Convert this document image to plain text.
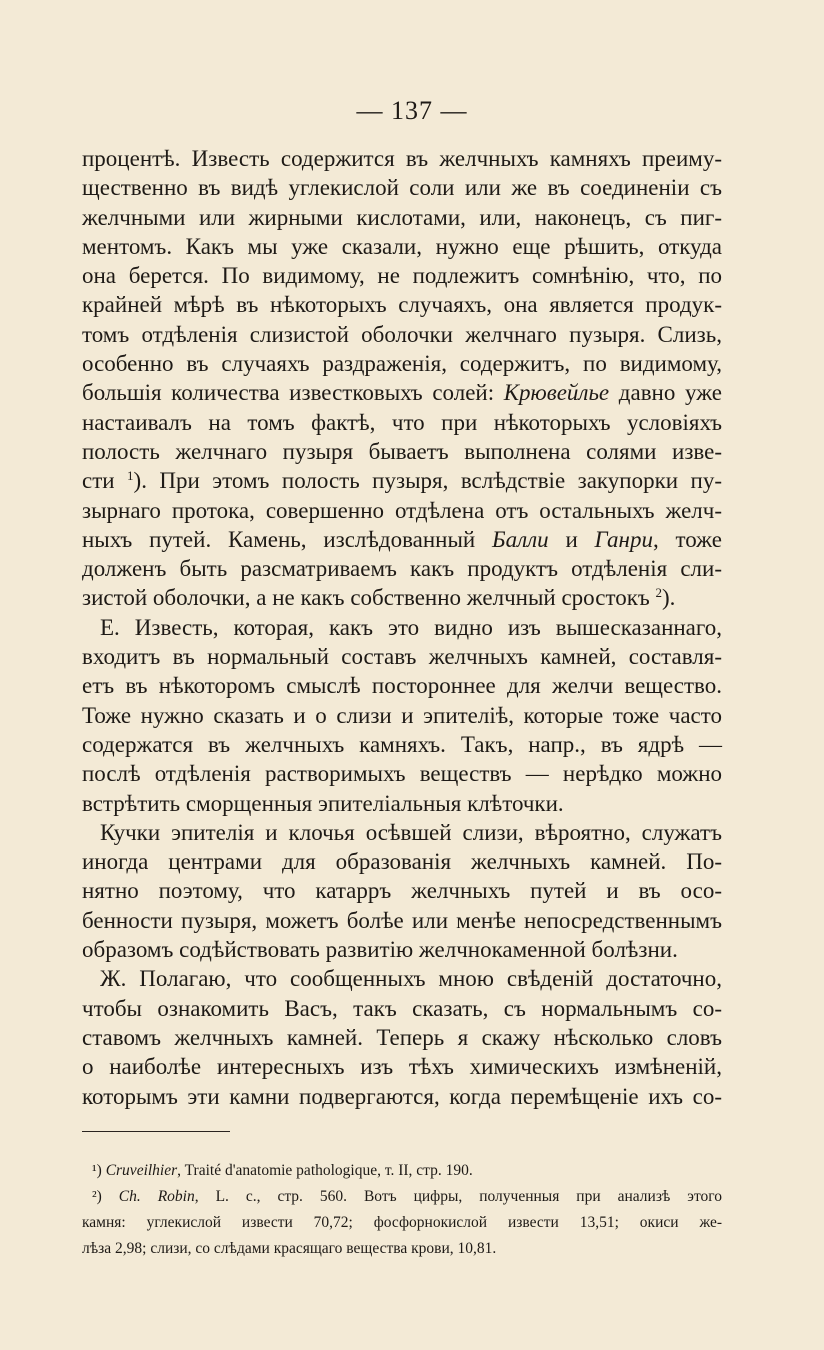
— 137 —
процентѣ. Известь содержится въ желчныхъ камняхъ преиму-
щественно въ видѣ углекислой соли или же въ соединеніи съ
желчными или жирными кислотами, или, наконецъ, съ пиг-
ментомъ. Какъ мы уже сказали, нужно еще рѣшить, откуда
она берется. По видимому, не подлежитъ сомнѣнію, что, по
крайней мѣрѣ въ нѣкоторыхъ случаяхъ, она является продук-
томъ отдѣленія слизистой оболочки желчнаго пузыря. Слизь,
особенно въ случаяхъ раздраженія, содержитъ, по видимому,
большія количества известковыхъ солей: Крювейлье давно уже
настаивалъ на томъ фактѣ, что при нѣкоторыхъ условіяхъ
полость желчнаго пузыря бываетъ выполнена солями изве-
сти $^1$). При этомъ полость пузыря, вслѣдствіе закупорки пу-
зырнаго протока, совершенно отдѣлена отъ остальныхъ желч-
ныхъ путей. Камень, изслѣдованный Балли и Ганри, тоже
долженъ быть разсматриваемъ какъ продуктъ отдѣленія сли-
зистой оболочки, а не какъ собственно желчный сростокъ $^2$).
Е. Известь, которая, какъ это видно изъ вышесказаннаго,
входитъ въ нормальный составъ желчныхъ камней, составля-
етъ въ нѣкоторомъ смыслѣ постороннее для желчи вещество.
Тоже нужно сказать и о слизи и эпителіѣ, которые тоже часто
содержатся въ желчныхъ камняхъ. Такъ, напр., въ ядрѣ —
послѣ отдѣленія растворимыхъ веществъ — нерѣдко можно
встрѣтить сморщенныя эпителіальныя клѣточки.
Кучки эпителія и клочья осѣвшей слизи, вѣроятно, служатъ
иногда центрами для образованія желчныхъ камней. По-
нятно поэтому, что катарръ желчныхъ путей и въ осо-
бенности пузыря, можетъ болѣе или менѣе непосредственнымъ
образомъ содѣйствовать развитію желчнокаменной болѣзни.
Ж. Полагаю, что сообщенныхъ мною свѣденій достаточно,
чтобы ознакомить Васъ, такъ сказать, съ нормальнымъ со-
ставомъ желчныхъ камней. Теперь я скажу нѣсколько словъ
о наиболѣе интересныхъ изъ тѣхъ химическихъ измѣненій,
которымъ эти камни подвергаются, когда перемѣщеніе ихъ со-
¹) Cruveilhier, Traité d'anatomie pathologique, т. II, стр. 190.
²) Ch. Robin, L. c., стр. 560. Вотъ цифры, полученныя при анализѣ этого
камня: углекислой извести 70,72; фосфорнокислой извести 13,51; окиси же-
лѣза 2,98; слизи, со слѣдами красящаго вещества крови, 10,81.
